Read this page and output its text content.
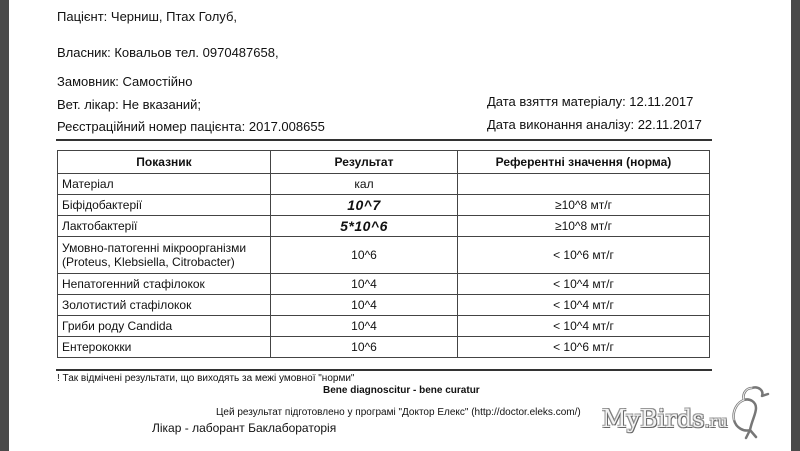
Пацієнт: Черниш, Птах Голуб,
Власник: Ковальов тел. 0970487658,
Замовник: Самостійно
Вет. лікар: Не вказаний;
Реєстраційний номер пацієнта: 2017.008655
Дата взяття матеріалу: 12.11.2017
Дата виконання аналізу: 22.11.2017
Показник	Результат	Референтні значення (норма)
Матеріал	кал	
Біфідобактерії	10^7	≥10^8 мт/г
Лактобактерії	5*10^6	≥10^8 мт/г
Умовно-патогенні мікроорганізми
(Proteus, Klebsiella, Citrobacter)	10^6	< 10^6 мт/г
Непатогенний стафілокок	10^4	< 10^4 мт/г
Золотистий стафілокок	10^4	< 10^4 мт/г
Гриби роду Candida	10^4	< 10^4 мт/г
Ентерококки	10^6	< 10^6 мт/г
! Так відмічені результати, що виходять за межі умовної "норми"
Bene diagnoscitur - bene curatur
Цей результат підготовлено у програмі "Доктор Елекс" (http://doctor.eleks.com/)
Лікар - лаборант Баклабораторія	MyBirds.ru
